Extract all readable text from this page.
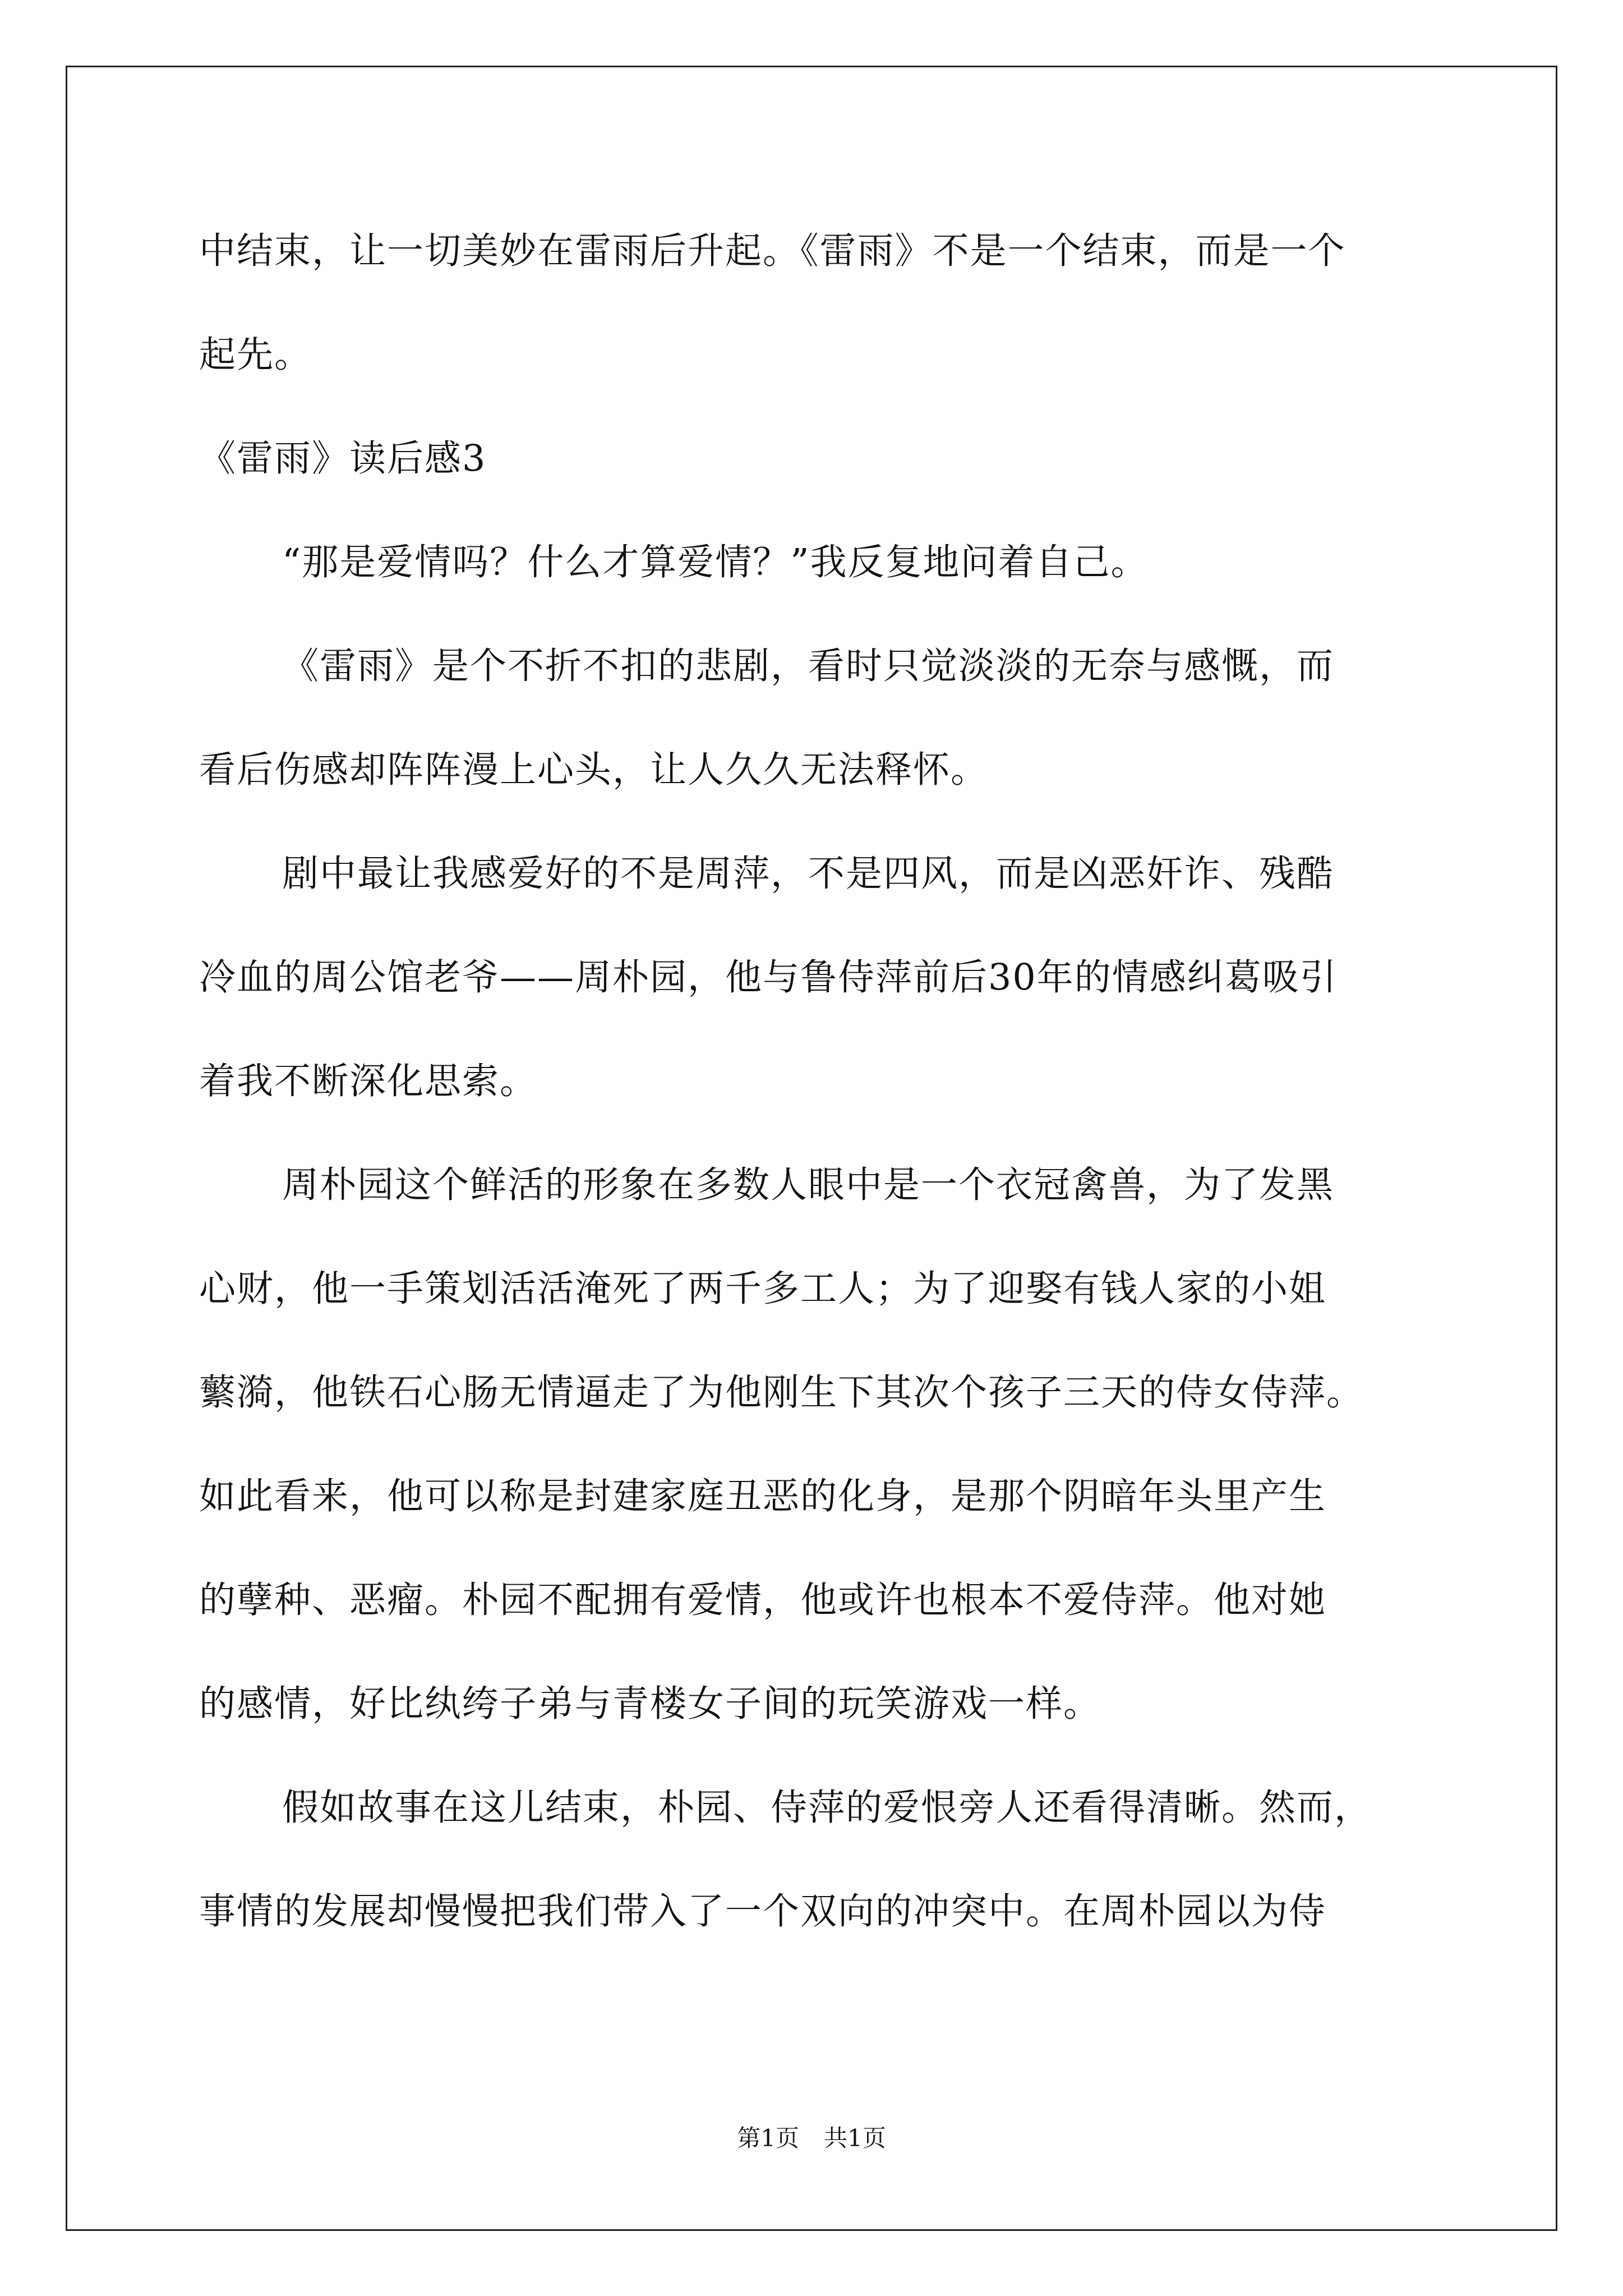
中结束，让一切美妙在雷雨后升起。《雷雨》不是一个结束，而是一个
起先。
《雷雨》读后感3
“那是爱情吗？什么才算爱情？”我反复地问着自己。
《雷雨》是个不折不扣的悲剧，看时只觉淡淡的无奈与感慨，而
看后伤感却阵阵漫上心头，让人久久无法释怀。
剧中最让我感爱好的不是周萍，不是四风，而是凶恶奸诈、残酷
冷血的周公馆老爷——周朴园，他与鲁侍萍前后30年的情感纠葛吸引
着我不断深化思索。
周朴园这个鲜活的形象在多数人眼中是一个衣冠禽兽，为了发黑
心财，他一手策划活活淹死了两千多工人；为了迎娶有钱人家的小姐
蘩漪，他铁石心肠无情逼走了为他刚生下其次个孩子三天的侍女侍萍。
如此看来，他可以称是封建家庭丑恶的化身，是那个阴暗年头里产生
的孽种、恶瘤。朴园不配拥有爱情，他或许也根本不爱侍萍。他对她
的感情，好比纨绔子弟与青楼女子间的玩笑游戏一样。
假如故事在这儿结束，朴园、侍萍的爱恨旁人还看得清晰。然而，
事情的发展却慢慢把我们带入了一个双向的冲突中。在周朴园以为侍
第1页 共1页
